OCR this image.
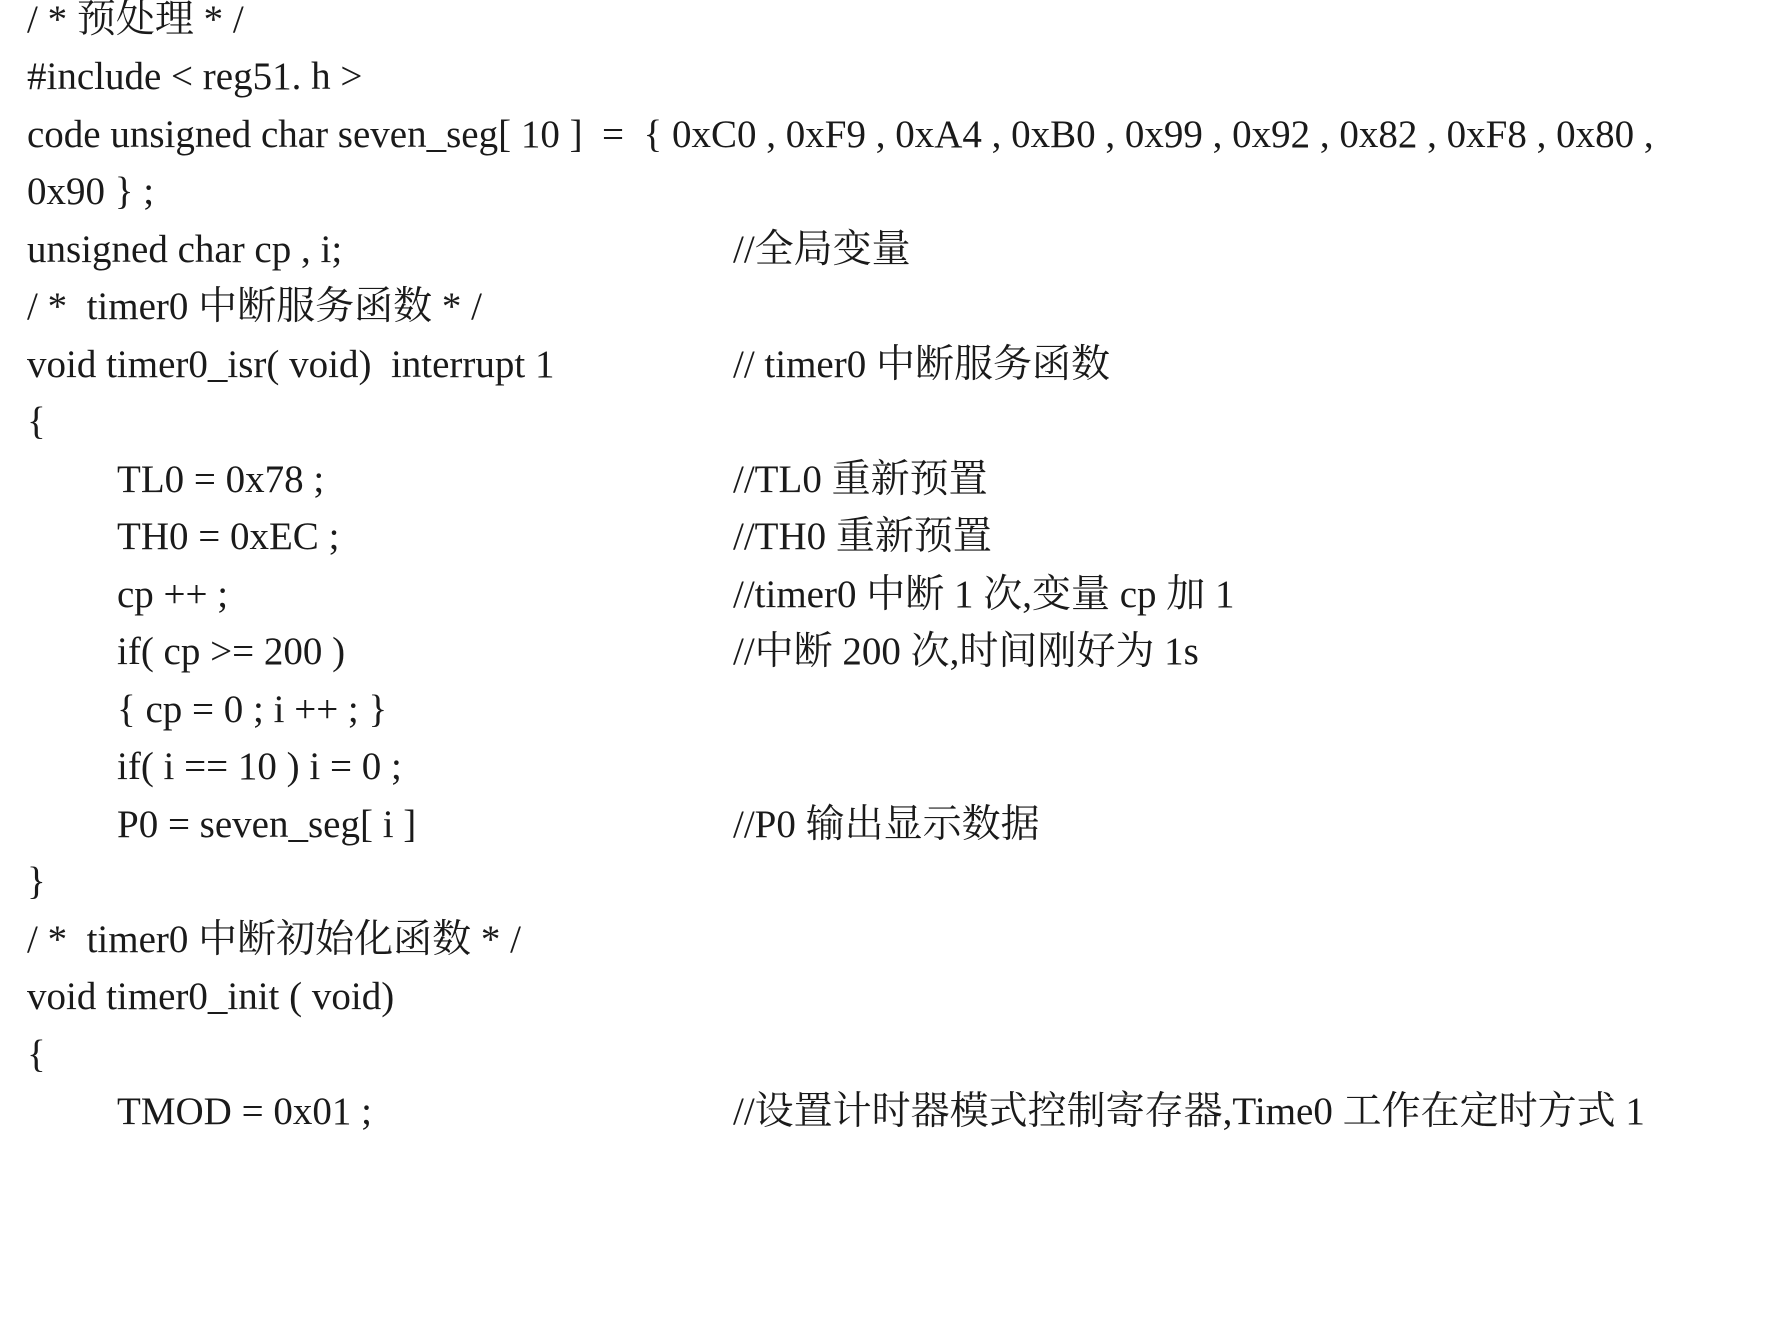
/ * 预处理 * /

#include < reg51. h >

code unsigned char seven_seg[ 10 ]  =  { 0xC0 , 0xF9 , 0xA4 , 0xB0 , 0x99 , 0x92 , 0x82 , 0xF8 , 0x80 ,

0x90 } ;

unsigned char cp , i;

	//全局变量

/ *  timer0 中断服务函数 * /

void timer0_isr( void)  interrupt 1

	// timer0 中断服务函数

{

TL0 = 0x78 ;

	//TL0 重新预置

TH0 = 0xEC ;

	//TH0 重新预置

cp ++ ;

	//timer0 中断 1 次,变量 cp 加 1

if( cp >= 200 )

	//中断 200 次,时间刚好为 1s

{ cp = 0 ; i ++ ; }

if( i == 10 ) i = 0 ;

P0 = seven_seg[ i ]

	//P0 输出显示数据

}

/ *  timer0 中断初始化函数 * /

void timer0_init ( void)

{

TMOD = 0x01 ;

	//设置计时器模式控制寄存器,Time0 工作在定时方式 1
